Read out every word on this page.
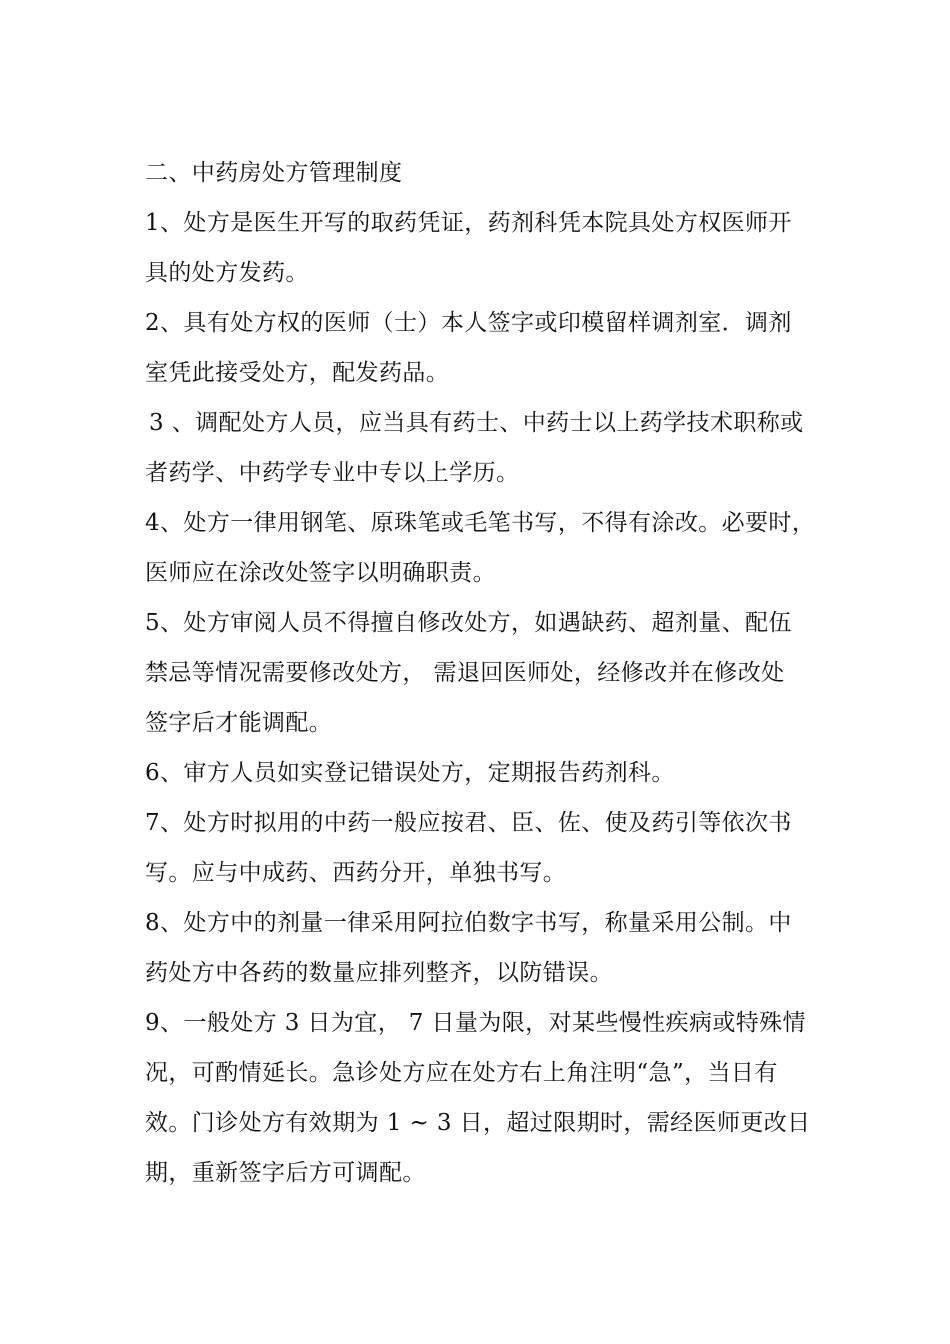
二、中药房处方管理制度
1、处方是医生开写的取药凭证，药剂科凭本院具处方权医师开
具的处方发药。
2、具有处方权的医师（士）本人签字或印模留样调剂室．调剂
室凭此接受处方，配发药品。
3 、调配处方人员，应当具有药士、中药士以上药学技术职称或
者药学、中药学专业中专以上学历。
4、处方一律用钢笔、原珠笔或毛笔书写，不得有涂改。必要时，
医师应在涂改处签字以明确职责。
5、处方审阅人员不得擅自修改处方，如遇缺药、超剂量、配伍
禁忌等情况需要修改处方， 需退回医师处，经修改并在修改处
签字后才能调配。
6、审方人员如实登记错误处方，定期报告药剂科。
7、处方时拟用的中药一般应按君、臣、佐、使及药引等依次书
写。应与中成药、西药分开，单独书写。
8、处方中的剂量一律采用阿拉伯数字书写，称量采用公制。中
药处方中各药的数量应排列整齐，以防错误。
9、一般处方 3 日为宜， 7 日量为限，对某些慢性疾病或特殊情
况，可酌情延长。急诊处方应在处方右上角注明“急”，当日有
效。门诊处方有效期为 1 ~ 3 日，超过限期时，需经医师更改日
期，重新签字后方可调配。
